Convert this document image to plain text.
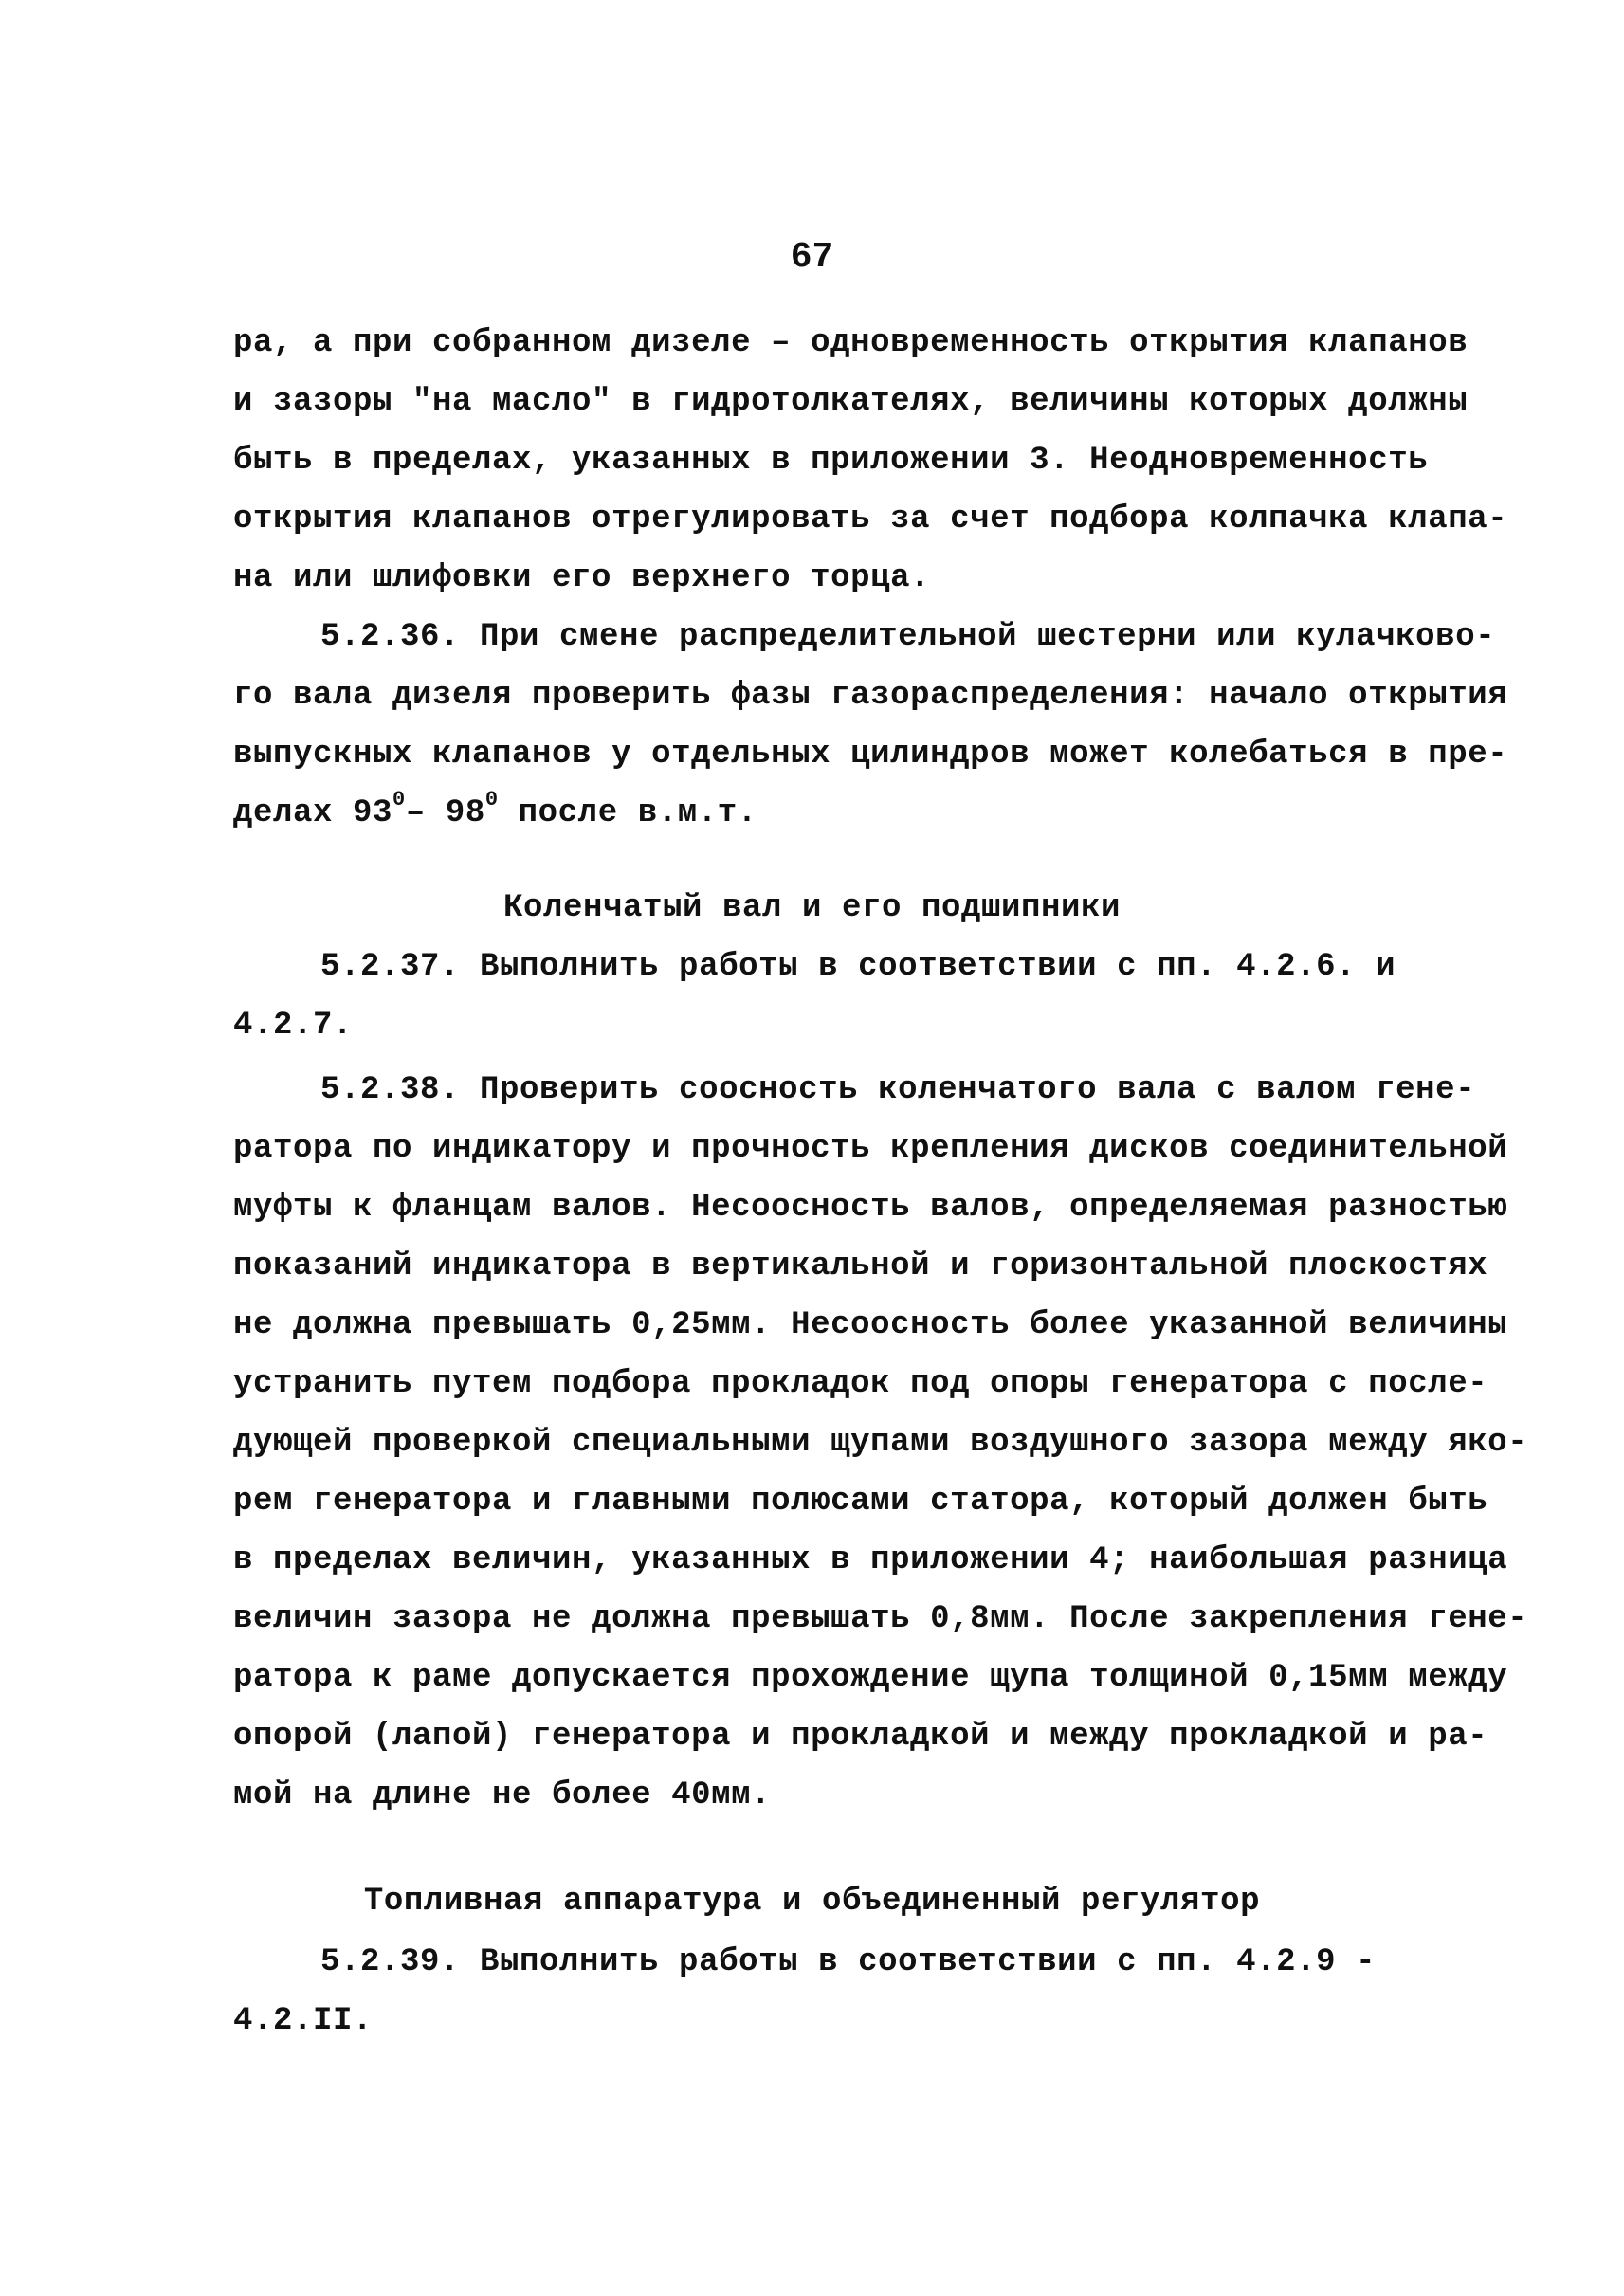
67
ра, а при собранном дизеле – одновременность открытия клапанов
и зазоры "на масло" в гидротолкателях, величины которых должны
быть в пределах, указанных в приложении 3. Неодновременность
открытия клапанов отрегулировать за счет подбора колпачка клапа-
на или шлифовки его верхнего торца.
5.2.36. При смене распределительной шестерни или кулачково-
го вала дизеля проверить фазы газораспределения: начало открытия
выпускных клапанов у отдельных цилиндров может колебаться в пре-
делах $93^0-$ $98^0$ после в.м.т.
Коленчатый вал и его подшипники
5.2.37. Выполнить работы в соответствии с пп. 4.2.6. и
4.2.7.
5.2.38. Проверить соосность коленчатого вала с валом гене-
ратора по индикатору и прочность крепления дисков соединительной
муфты к фланцам валов. Несоосность валов, определяемая разностью
показаний индикатора в вертикальной и горизонтальной плоскостях
не должна превышать 0,25мм. Несоосность более указанной величины
устранить путем подбора прокладок под опоры генератора с после-
дующей проверкой специальными щупами воздушного зазора между яко-
рем генератора и главными полюсами статора, который должен быть
в пределах величин, указанных в приложении 4; наибольшая разница
величин зазора не должна превышать 0,8мм. После закрепления гене-
ратора к раме допускается прохождение щупа толщиной 0,15мм между
опорой (лапой) генератора и прокладкой и между прокладкой и ра-
мой на длине не более 40мм.
Топливная аппаратура и объединенный регулятор
5.2.39. Выполнить работы в соответствии с пп. 4.2.9 -
4.2.II.
